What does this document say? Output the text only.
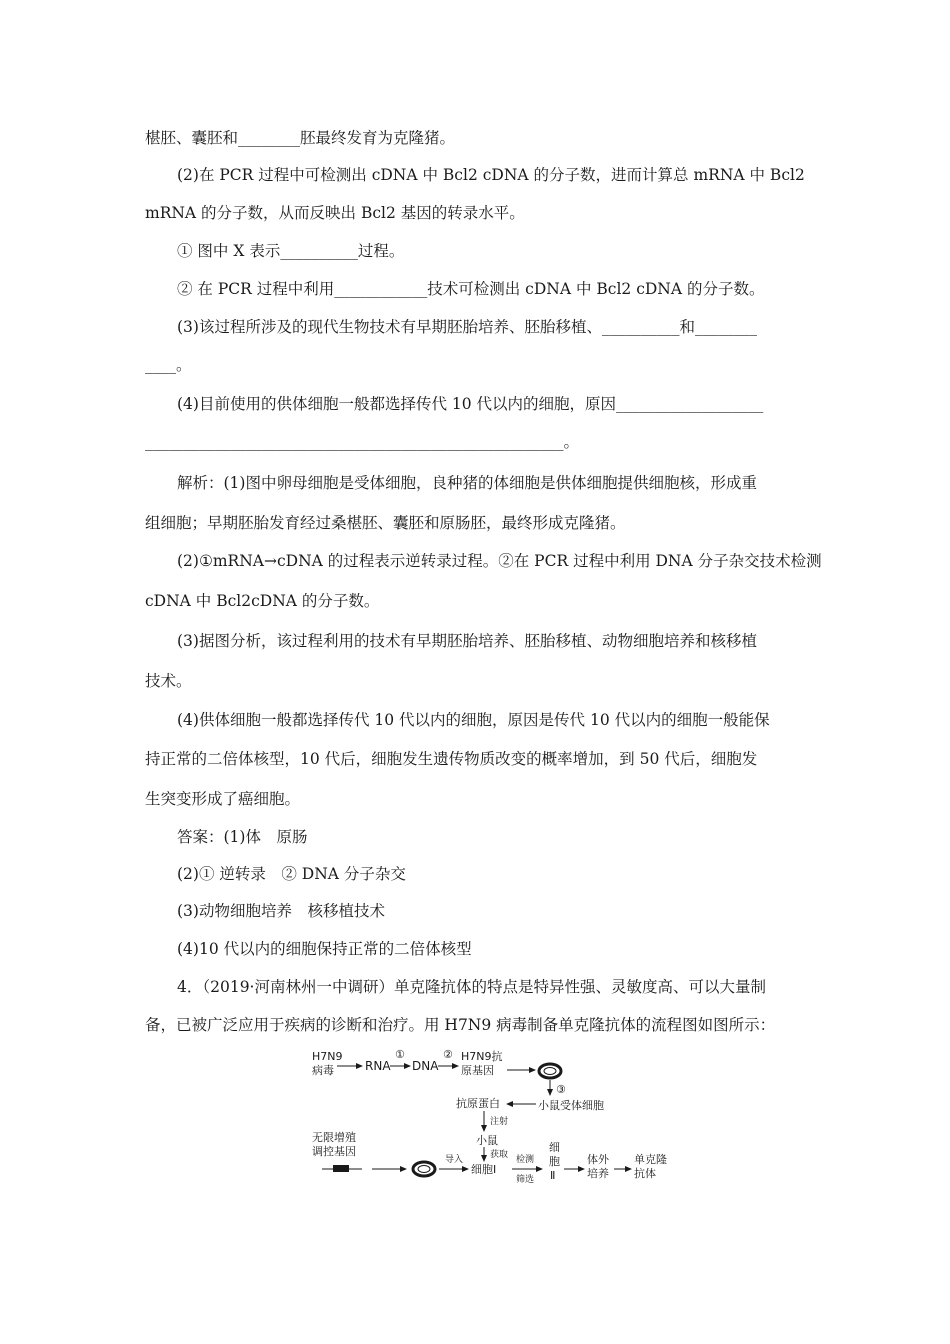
椹胚、囊胚和________胚最终发育为克隆猪。
(2)在 PCR 过程中可检测出 cDNA 中 Bcl2 cDNA 的分子数，进而计算总 mRNA 中 Bcl2
mRNA 的分子数，从而反映出 Bcl2 基因的转录水平。
① 图中 X 表示__________过程。
② 在 PCR 过程中利用____________技术可检测出 cDNA 中 Bcl2 cDNA 的分子数。
(3)该过程所涉及的现代生物技术有早期胚胎培养、胚胎移植、__________和________
____。
(4)目前使用的供体细胞一般都选择传代 10 代以内的细胞，原因___________________
______________________________________________________。
解析：(1)图中卵母细胞是受体细胞，良种猪的体细胞是供体细胞提供细胞核，形成重
组细胞；早期胚胎发育经过桑椹胚、囊胚和原肠胚，最终形成克隆猪。
(2)①mRNA→cDNA 的过程表示逆转录过程。②在 PCR 过程中利用 DNA 分子杂交技术检测
cDNA 中 Bcl2cDNA 的分子数。
(3)据图分析，该过程利用的技术有早期胚胎培养、胚胎移植、动物细胞培养和核移植
技术。
(4)供体细胞一般都选择传代 10 代以内的细胞，原因是传代 10 代以内的细胞一般能保
持正常的二倍体核型，10 代后，细胞发生遗传物质改变的概率增加，到 50 代后，细胞发
生突变形成了癌细胞。
答案：(1)体　原肠
(2)① 逆转录　② DNA 分子杂交
(3)动物细胞培养　核移植技术
(4)10 代以内的细胞保持正常的二倍体核型
4．（2019·河南林州一中调研）单克隆抗体的特点是特异性强、灵敏度高、可以大量制
备，已被广泛应用于疾病的诊断和治疗。用 H7N9 病毒制备单克隆抗体的流程图如图所示：
H7N9
病毒	RNA
①
DNA
② H7N9抗
原基因
③
抗原蛋白	小鼠受体细胞
注射
小鼠
获取
无限增殖
调控基因
导入
细胞Ⅰ
检测
筛选
细
胞
Ⅱ
体外
培养
单克隆
抗体
